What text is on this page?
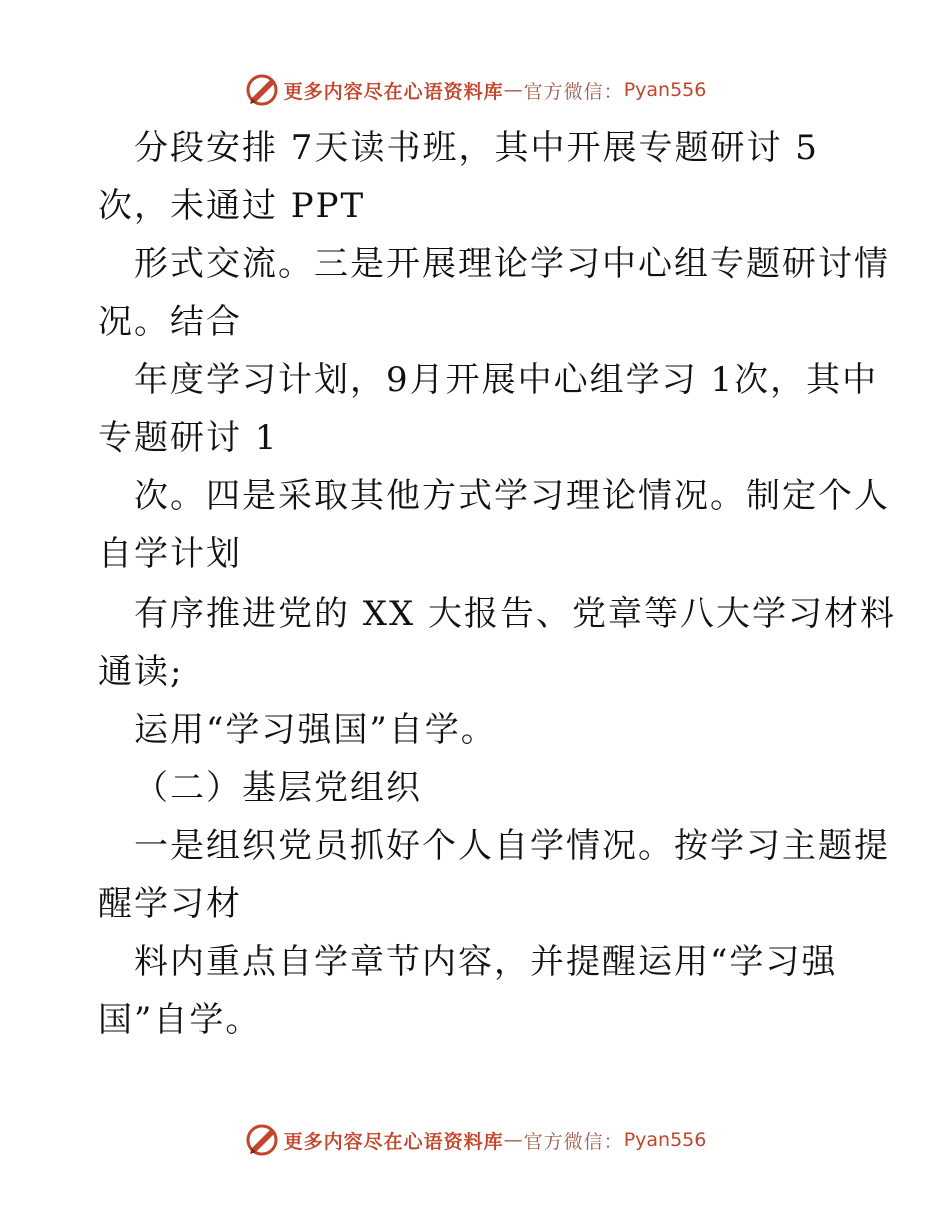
更多内容尽在心语资料库 — 官方微信： Pyan556
分段安排 7天读书班，其中开展专题研讨 5
次，未通过 PPT
形式交流。三是开展理论学习中心组专题研讨情
况。结合
年度学习计划，9月开展中心组学习 1次，其中
专题研讨 1
次。四是采取其他方式学习理论情况。制定个人
自学计划
有序推进党的 XX 大报告、党章等八大学习材料
通读;
运用“学习强国”自学。
（二）基层党组织
一是组织党员抓好个人自学情况。按学习主题提
醒学习材
料内重点自学章节内容，并提醒运用“学习强
国”自学。
更多内容尽在心语资料库 — 官方微信： Pyan556
